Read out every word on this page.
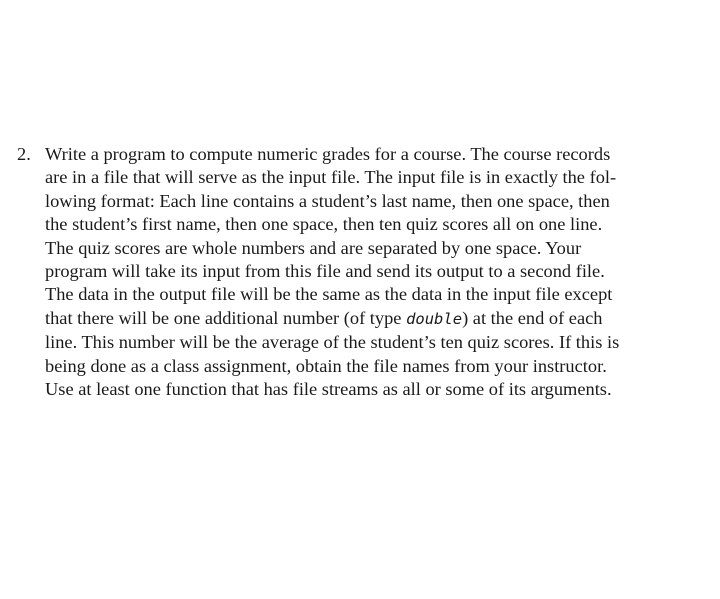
2. Write a program to compute numeric grades for a course. The course records
are in a file that will serve as the input file. The input file is in exactly the fol-
lowing format: Each line contains a student’s last name, then one space, then
the student’s first name, then one space, then ten quiz scores all on one line.
The quiz scores are whole numbers and are separated by one space. Your
program will take its input from this file and send its output to a second file.
The data in the output file will be the same as the data in the input file except
that there will be one additional number (of type double) at the end of each
line. This number will be the average of the student’s ten quiz scores. If this is
being done as a class assignment, obtain the file names from your instructor.
Use at least one function that has file streams as all or some of its arguments.
